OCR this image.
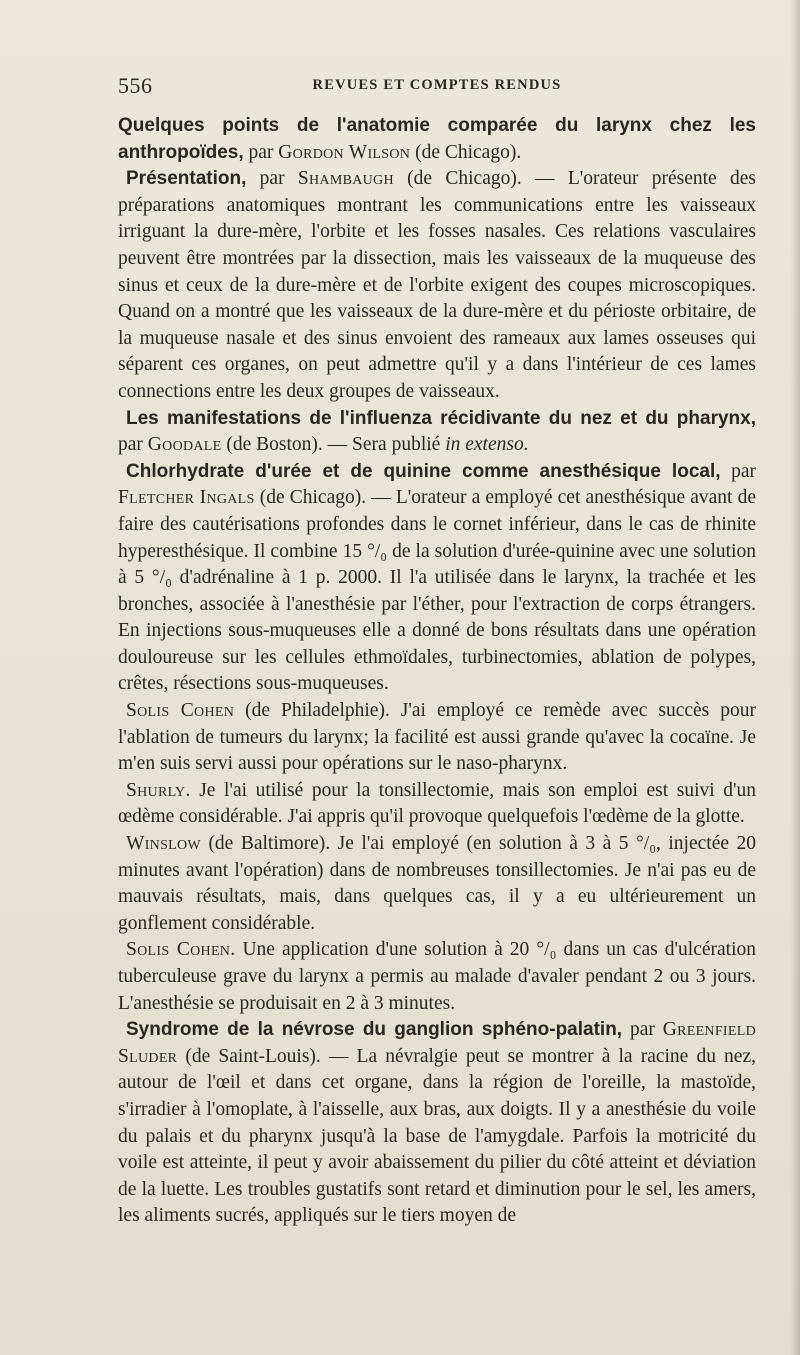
556	REVUES ET COMPTES RENDUS

Quelques points de l'anatomie comparée du larynx chez les anthropoïdes, par Gordon Wilson (de Chicago).

Présentation, par Shambaugh (de Chicago). — L'orateur présente des préparations anatomiques montrant les communications entre les vaisseaux irriguant la dure-mère, l'orbite et les fosses nasales. Ces relations vasculaires peuvent être montrées par la dissection, mais les vaisseaux de la muqueuse des sinus et ceux de la dure-mère et de l'orbite exigent des coupes microscopiques. Quand on a montré que les vaisseaux de la dure-mère et du périoste orbitaire, de la muqueuse nasale et des sinus envoient des rameaux aux lames osseuses qui séparent ces organes, on peut admettre qu'il y a dans l'intérieur de ces lames connections entre les deux groupes de vaisseaux.

Les manifestations de l'influenza récidivante du nez et du pharynx, par Goodale (de Boston). — Sera publié in extenso.

Chlorhydrate d'urée et de quinine comme anesthésique local, par Fletcher Ingals (de Chicago). — L'orateur a employé cet anesthésique avant de faire des cautérisations profondes dans le cornet inférieur, dans le cas de rhinite hyperesthésique. Il combine 15 °/₀ de la solution d'urée-quinine avec une solution à 5 °/₀ d'adrénaline à 1 p. 2000. Il l'a utilisée dans le larynx, la trachée et les bronches, associée à l'anesthésie par l'éther, pour l'extraction de corps étrangers. En injections sous-muqueuses elle a donné de bons résultats dans une opération douloureuse sur les cellules ethmoïdales, turbinectomies, ablation de polypes, crêtes, résections sous-muqueuses.

Solis Cohen (de Philadelphie). J'ai employé ce remède avec succès pour l'ablation de tumeurs du larynx; la facilité est aussi grande qu'avec la cocaïne. Je m'en suis servi aussi pour opérations sur le naso-pharynx.

Shurly. Je l'ai utilisé pour la tonsillectomie, mais son emploi est suivi d'un œdème considérable. J'ai appris qu'il provoque quelquefois l'œdème de la glotte.

Winslow (de Baltimore). Je l'ai employé (en solution à 3 à 5 °/₀, injectée 20 minutes avant l'opération) dans de nombreuses tonsillectomies. Je n'ai pas eu de mauvais résultats, mais, dans quelques cas, il y a eu ultérieurement un gonflement considérable.

Solis Cohen. Une application d'une solution à 20 °/₀ dans un cas d'ulcération tuberculeuse grave du larynx a permis au malade d'avaler pendant 2 ou 3 jours. L'anesthésie se produisait en 2 à 3 minutes.

Syndrome de la névrose du ganglion sphéno-palatin, par Greenfield Sluder (de Saint-Louis). — La névralgie peut se montrer à la racine du nez, autour de l'œil et dans cet organe, dans la région de l'oreille, la mastoïde, s'irradier à l'omoplate, à l'aisselle, aux bras, aux doigts. Il y a anesthésie du voile du palais et du pharynx jusqu'à la base de l'amygdale. Parfois la motricité du voile est atteinte, il peut y avoir abaissement du pilier du côté atteint et déviation de la luette. Les troubles gustatifs sont retard et diminution pour le sel, les amers, les aliments sucrés, appliqués sur le tiers moyen de
